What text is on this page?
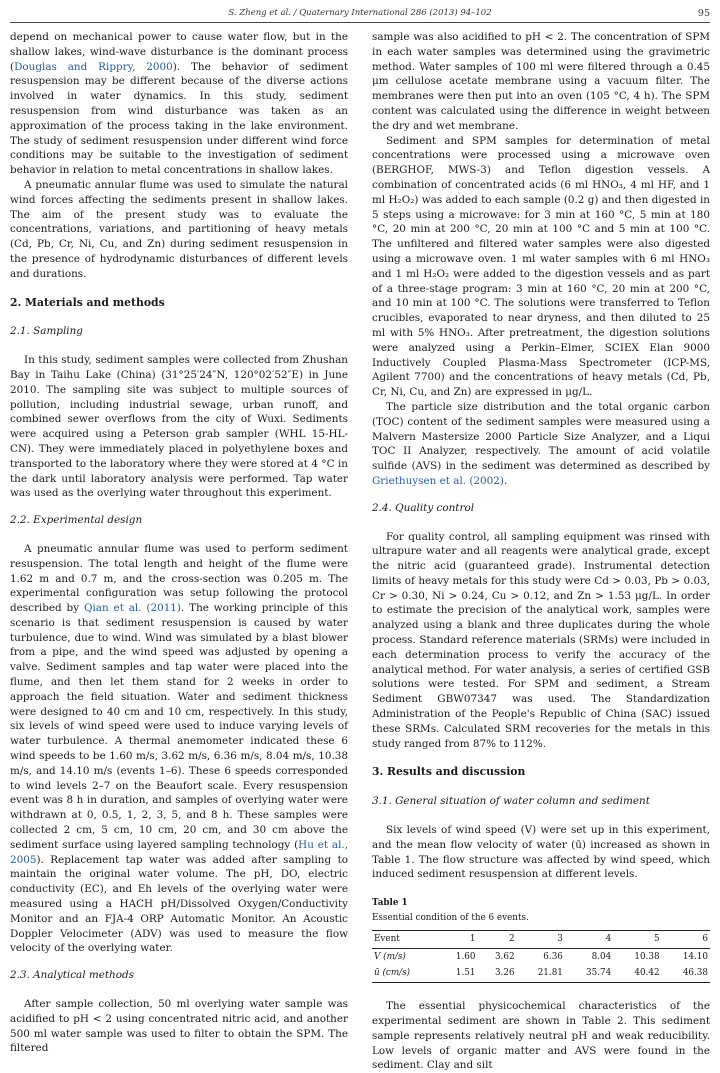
S. Zheng et al. / Quaternary International 286 (2013) 94–102	95

depend on mechanical power to cause water flow, but in the shallow lakes, wind-wave disturbance is the dominant process (Douglas and Rippry, 2000). The behavior of sediment resuspension may be different because of the diverse actions involved in water dynamics. In this study, sediment resuspension from wind disturbance was taken as an approximation of the process taking in the lake environment. The study of sediment resuspension under different wind force conditions may be suitable to the investigation of sediment behavior in relation to metal concentrations in shallow lakes.

A pneumatic annular flume was used to simulate the natural wind forces affecting the sediments present in shallow lakes. The aim of the present study was to evaluate the concentrations, variations, and partitioning of heavy metals (Cd, Pb, Cr, Ni, Cu, and Zn) during sediment resuspension in the presence of hydrodynamic disturbances of different levels and durations.

2. Materials and methods
2.1. Sampling

In this study, sediment samples were collected from Zhushan Bay in Taihu Lake (China) (31°25′24″N, 120°02′52″E) in June 2010. The sampling site was subject to multiple sources of pollution, including industrial sewage, urban runoff, and combined sewer overflows from the city of Wuxi. Sediments were acquired using a Peterson grab sampler (WHL 15-HL-CN). They were immediately placed in polyethylene boxes and transported to the laboratory where they were stored at 4 °C in the dark until laboratory analysis were performed. Tap water was used as the overlying water throughout this experiment.

2.2. Experimental design

A pneumatic annular flume was used to perform sediment resuspension. The total length and height of the flume were 1.62 m and 0.7 m, and the cross-section was 0.205 m. The experimental configuration was setup following the protocol described by Qian et al. (2011). The working principle of this scenario is that sediment resuspension is caused by water turbulence, due to wind. Wind was simulated by a blast blower from a pipe, and the wind speed was adjusted by opening a valve. Sediment samples and tap water were placed into the flume, and then let them stand for 2 weeks in order to approach the field situation. Water and sediment thickness were designed to 40 cm and 10 cm, respectively. In this study, six levels of wind speed were used to induce varying levels of water turbulence. A thermal anemometer indicated these 6 wind speeds to be 1.60 m/s, 3.62 m/s, 6.36 m/s, 8.04 m/s, 10.38 m/s, and 14.10 m/s (events 1–6). These 6 speeds corresponded to wind levels 2–7 on the Beaufort scale. Every resuspension event was 8 h in duration, and samples of overlying water were withdrawn at 0, 0.5, 1, 2, 3, 5, and 8 h. These samples were collected 2 cm, 5 cm, 10 cm, 20 cm, and 30 cm above the sediment surface using layered sampling technology (Hu et al., 2005). Replacement tap water was added after sampling to maintain the original water volume. The pH, DO, electric conductivity (EC), and Eh levels of the overlying water were measured using a HACH pH/Dissolved Oxygen/Conductivity Monitor and an FJA-4 ORP Automatic Monitor. An Acoustic Doppler Velocimeter (ADV) was used to measure the flow velocity of the overlying water.

2.3. Analytical methods

After sample collection, 50 ml overlying water sample was acidified to pH < 2 using concentrated nitric acid, and another 500 ml water sample was used to filter to obtain the SPM. The filtered

sample was also acidified to pH < 2. The concentration of SPM in each water samples was determined using the gravimetric method. Water samples of 100 ml were filtered through a 0.45 μm cellulose acetate membrane using a vacuum filter. The membranes were then put into an oven (105 °C, 4 h). The SPM content was calculated using the difference in weight between the dry and wet membrane.

Sediment and SPM samples for determination of metal concentrations were processed using a microwave oven (BERGHOF, MWS-3) and Teflon digestion vessels. A combination of concentrated acids (6 ml HNO₃, 4 ml HF, and 1 ml H₂O₂) was added to each sample (0.2 g) and then digested in 5 steps using a microwave: for 3 min at 160 °C, 5 min at 180 °C, 20 min at 200 °C, 20 min at 100 °C and 5 min at 100 °C. The unfiltered and filtered water samples were also digested using a microwave oven. 1 ml water samples with 6 ml HNO₃ and 1 ml H₂O₂ were added to the digestion vessels and as part of a three-stage program: 3 min at 160 °C, 20 min at 200 °C, and 10 min at 100 °C. The solutions were transferred to Teflon crucibles, evaporated to near dryness, and then diluted to 25 ml with 5% HNO₃. After pretreatment, the digestion solutions were analyzed using a Perkin–Elmer, SCIEX Elan 9000 Inductively Coupled Plasma-Mass Spectrometer (ICP-MS, Agilent 7700) and the concentrations of heavy metals (Cd, Pb, Cr, Ni, Cu, and Zn) are expressed in μg/L.

The particle size distribution and the total organic carbon (TOC) content of the sediment samples were measured using a Malvern Mastersize 2000 Particle Size Analyzer, and a Liqui TOC II Analyzer, respectively. The amount of acid volatile sulfide (AVS) in the sediment was determined as described by Griethuysen et al. (2002).

2.4. Quality control

For quality control, all sampling equipment was rinsed with ultrapure water and all reagents were analytical grade, except the nitric acid (guaranteed grade). Instrumental detection limits of heavy metals for this study were Cd > 0.03, Pb > 0.03, Cr > 0.30, Ni > 0.24, Cu > 0.12, and Zn > 1.53 μg/L. In order to estimate the precision of the analytical work, samples were analyzed using a blank and three duplicates during the whole process. Standard reference materials (SRMs) were included in each determination process to verify the accuracy of the analytical method. For water analysis, a series of certified GSB solutions were tested. For SPM and sediment, a Stream Sediment GBW07347 was used. The Standardization Administration of the People's Republic of China (SAC) issued these SRMs. Calculated SRM recoveries for the metals in this study ranged from 87% to 112%.

3. Results and discussion
3.1. General situation of water column and sediment

Six levels of wind speed (V) were set up in this experiment, and the mean flow velocity of water (ū) increased as shown in Table 1. The flow structure was affected by wind speed, which induced sediment resuspension at different levels.

Table 1
Essential condition of the 6 events.
Event	1	2	3	4	5	6
V (m/s)	1.60	3.62	6.36	8.04	10.38	14.10
ū (cm/s)	1.51	3.26	21.81	35.74	40.42	46.38

The essential physicochemical characteristics of the experimental sediment are shown in Table 2. This sediment sample represents relatively neutral pH and weak reducibility. Low levels of organic matter and AVS were found in the sediment. Clay and silt
